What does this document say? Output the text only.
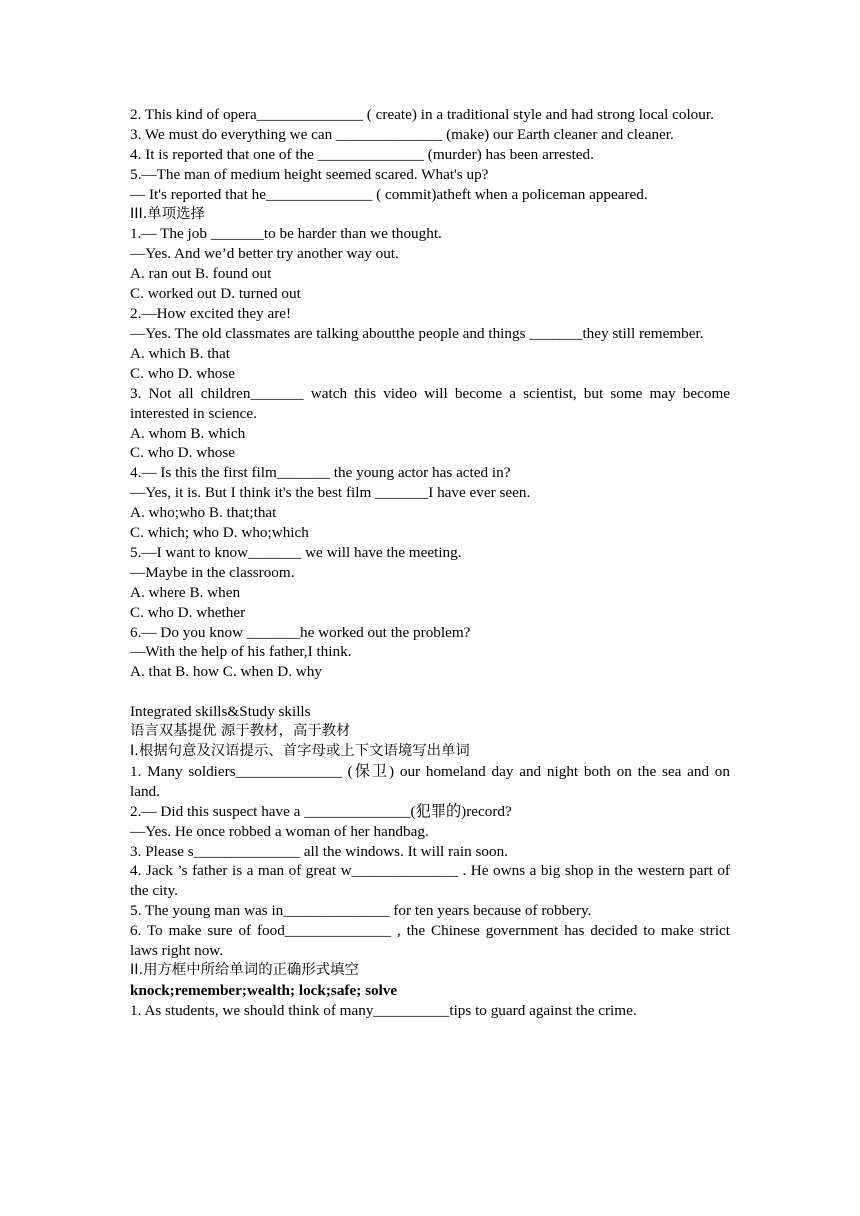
2. This kind of opera______________ ( create) in a traditional style and had strong local colour.
3. We must do everything we can ______________ (make) our Earth cleaner and cleaner.
4. It is reported that one of the ______________ (murder) has been arrested.
5.—The man of medium height seemed scared. What's up?
— It's reported that he______________ ( commit)atheft when a policeman appeared.
III.单项选择
1.— The job _______to be harder than we thought.
—Yes. And we’d better try another way out.
A. ran out B. found out
C. worked out D. turned out
2.—How excited they are!
—Yes. The old classmates are talking aboutthe people and things _______they still remember.
A. which B. that
C. who D. whose
3. Not all children_______ watch this video will become a scientist, but some may become interested in science.
A. whom B. which
C. who D. whose
4.— Is this the first film_______ the young actor has acted in?
—Yes, it is. But I think it's the best film _______I have ever seen.
A. who;who B. that;that
C. which; who D. who;which
5.—I want to know_______ we will have the meeting.
—Maybe in the classroom.
A. where B. when
C. who D. whether
6.— Do you know _______he worked out the problem?
—With the help of his father,I think.
A. that B. how C. when D. why
Integrated skills&Study skills
语言双基提优 源于教材，高于教材
I.根据句意及汉语提示、首字母或上下文语境写出单词
1. Many soldiers______________ (保卫) our homeland day and night both on the sea and on land.
2.— Did this suspect have a ______________(犯罪的)record?
—Yes. He once robbed a woman of her handbag.
3. Please s______________ all the windows. It will rain soon.
4. Jack ’s father is a man of great w______________ . He owns a big shop in the western part of the city.
5. The young man was in______________ for ten years because of robbery.
6. To make sure of food______________ , the Chinese government has decided to make strict laws right now.
II.用方框中所给单词的正确形式填空
knock;remember;wealth; lock;safe; solve
1. As students, we should think of many__________tips to guard against the crime.
